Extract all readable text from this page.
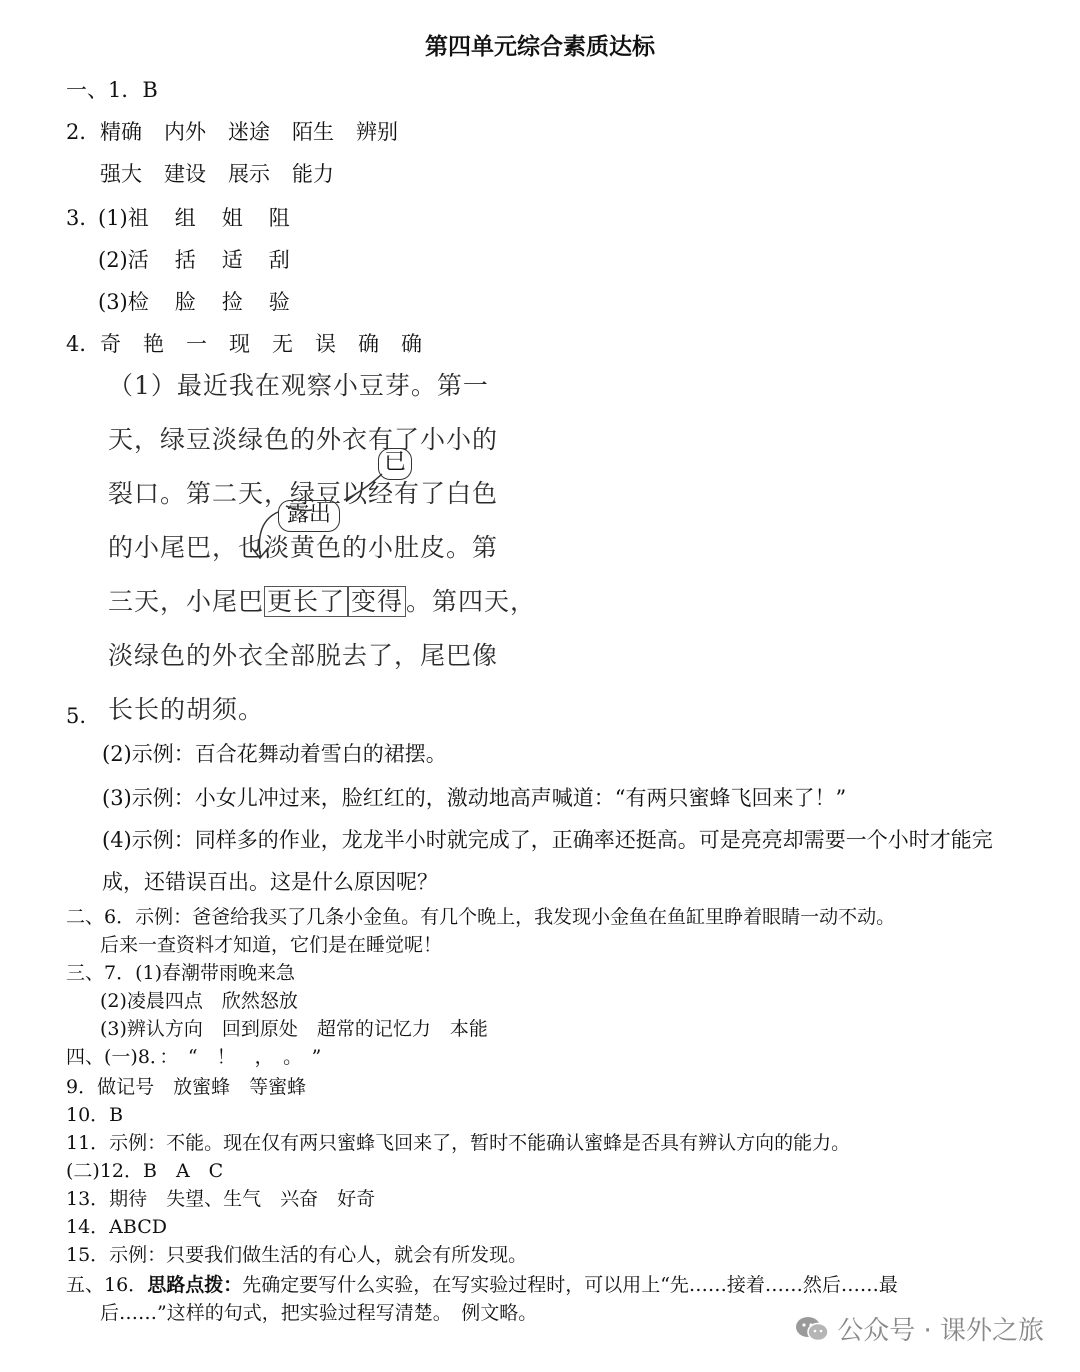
第四单元综合素质达标
一、1．B
2． 精确 内外 迷途 陌生 辨别
强大 建设 展示 能力
3．
(1)祖 组 姐 阻
(2)活 括 适 刮
(3)检 脸 捡 验
4． 奇 艳 一 现 无 误 确 确
（1）最近我在观察小豆芽。第一
天，绿豆淡绿色的外衣有了小小的
裂口。第二天，绿豆以经有了白色
的小尾巴，也淡黄色的小肚皮。第
三天，小尾巴 更长了 变得 。第四天，
淡绿色的外衣全部脱去了，尾巴像
长长的胡须。
已
露出
5.
(2)示例：百合花舞动着雪白的裙摆。
(3)示例：小女儿冲过来，脸红红的，激动地高声喊道：“有两只蜜蜂飞回来了！”
(4)示例：同样多的作业，龙龙半小时就完成了，正确率还挺高。可是亮亮却需要一个小时才能完
成，还错误百出。这是什么原因呢？
二、6．示例：爸爸给我买了几条小金鱼。有几个晚上，我发现小金鱼在鱼缸里睁着眼睛一动不动。
后来一查资料才知道，它们是在睡觉呢！
三、7．(1)春潮带雨晚来急
(2)凌晨四点　欣然怒放
(3)辨认方向　回到原处　超常的记忆力　本能
四、(一)8．：　“　！　，　。　”
9．做记号　放蜜蜂　等蜜蜂
10．B
11．示例：不能。现在仅有两只蜜蜂飞回来了，暂时不能确认蜜蜂是否具有辨认方向的能力。
(二)12．B　A　C
13．期待　失望、生气　兴奋　好奇
14．ABCD
15．示例：只要我们做生活的有心人，就会有所发现。
五、16．思路点拨：先确定要写什么实验，在写实验过程时，可以用上“先……接着……然后……最
后……”这样的句式，把实验过程写清楚。　例文略。
公众号 · 课外之旅
